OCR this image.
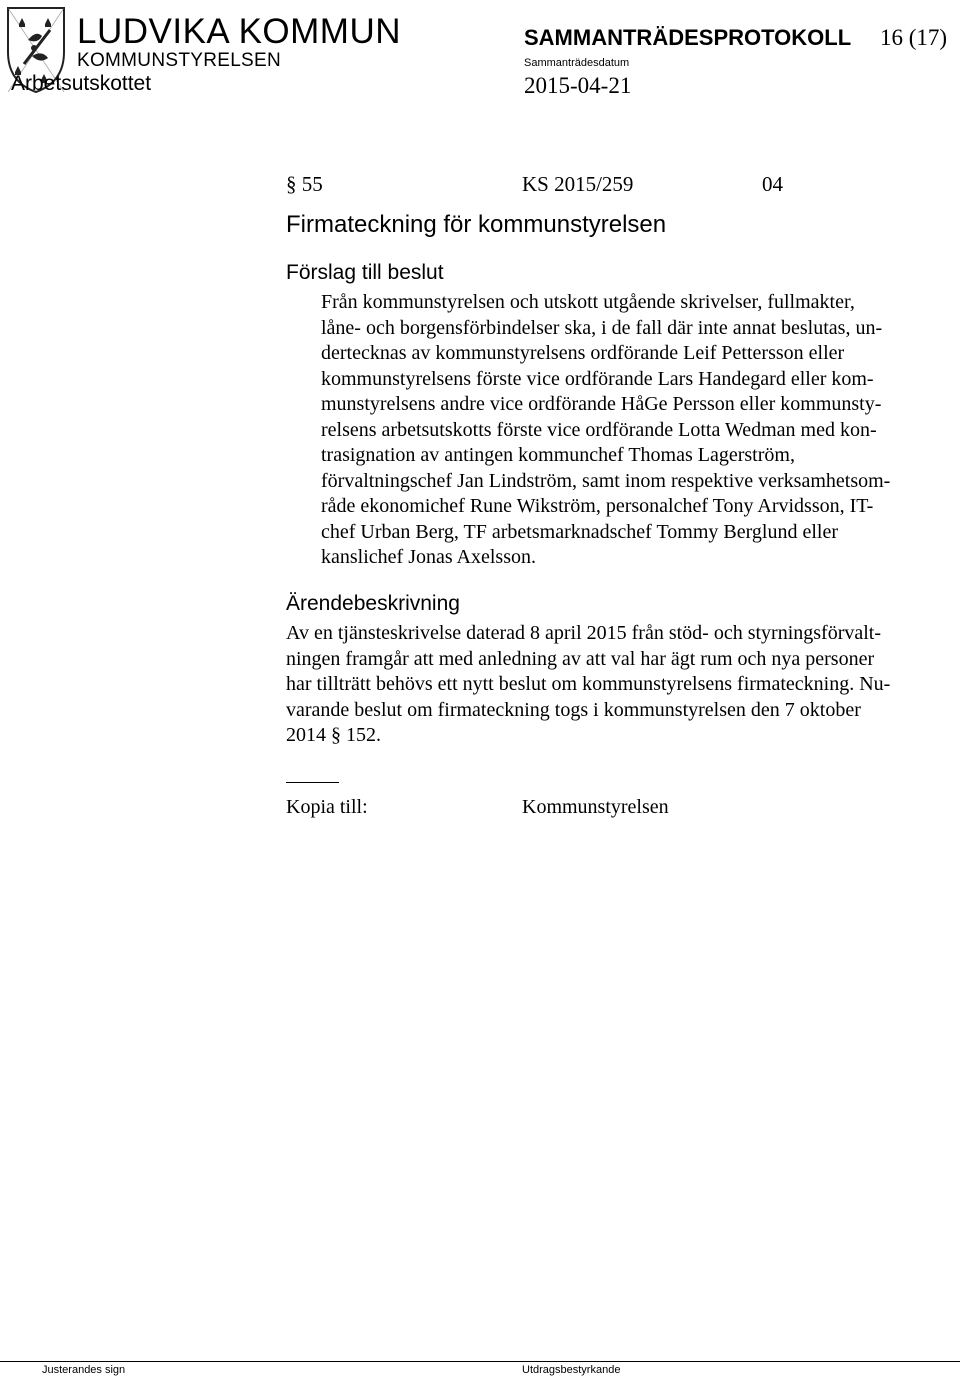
LUDVIKA KOMMUN
KOMMUNSTYRELSEN
Arbetsutskottet
SAMMANTRÄDESPROTOKOLL 16 (17)
Sammanträdesdatum
2015-04-21
§ 55	KS 2015/259	04
Firmateckning för kommunstyrelsen
Förslag till beslut
Från kommunstyrelsen och utskott utgående skrivelser, fullmakter,
låne- och borgensförbindelser ska, i de fall där inte annat beslutas, un-
dertecknas av kommunstyrelsens ordförande Leif Pettersson eller
kommunstyrelsens förste vice ordförande Lars Handegard eller kom-
munstyrelsens andre vice ordförande HåGe Persson eller kommunsty-
relsens arbetsutskotts förste vice ordförande Lotta Wedman med kon-
trasignation av antingen kommunchef Thomas Lagerström,
förvaltningschef Jan Lindström, samt inom respektive verksamhetsom-
råde ekonomichef Rune Wikström, personalchef Tony Arvidsson, IT-
chef Urban Berg, TF arbetsmarknadschef Tommy Berglund eller
kanslichef Jonas Axelsson.
Ärendebeskrivning
Av en tjänsteskrivelse daterad 8 april 2015 från stöd- och styrningsförvalt-
ningen framgår att med anledning av att val har ägt rum och nya personer
har tillträtt behövs ett nytt beslut om kommunstyrelsens firmateckning. Nu-
varande beslut om firmateckning togs i kommunstyrelsen den 7 oktober
2014 § 152.
Kopia till:	Kommunstyrelsen
Justerandes sign	Utdragsbestyrkande
